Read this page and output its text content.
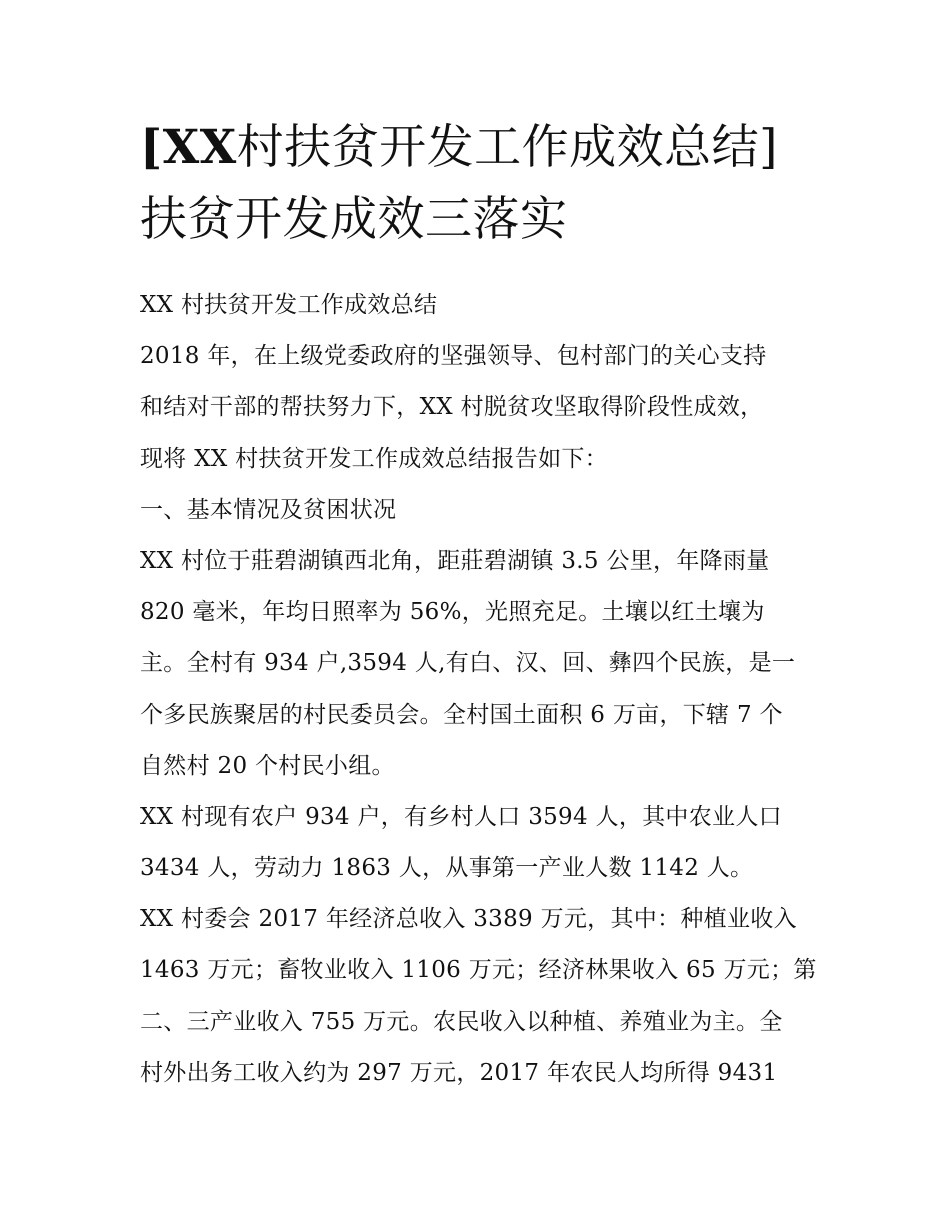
[XX村扶贫开发工作成效总结]
扶贫开发成效三落实
XX 村扶贫开发工作成效总结
2018 年，在上级党委政府的坚强领导、包村部门的关心支持
和结对干部的帮扶努力下，XX 村脱贫攻坚取得阶段性成效，
现将 XX 村扶贫开发工作成效总结报告如下：
一、基本情况及贫困状况
XX 村位于莊碧湖镇西北角，距莊碧湖镇 3.5 公里，年降雨量
820 毫米，年均日照率为 56%，光照充足。土壤以红土壤为
主。全村有 934 户,3594 人,有白、汉、回、彝四个民族，是一
个多民族聚居的村民委员会。全村国土面积 6 万亩，下辖 7 个
自然村 20 个村民小组。
XX 村现有农户 934 户，有乡村人口 3594 人，其中农业人口
3434 人，劳动力 1863 人，从事第一产业人数 1142 人。
XX 村委会 2017 年经济总收入 3389 万元，其中：种植业收入
1463 万元；畜牧业收入 1106 万元；经济林果收入 65 万元；第
二、三产业收入 755 万元。农民收入以种植、养殖业为主。全
村外出务工收入约为 297 万元，2017 年农民人均所得 9431
